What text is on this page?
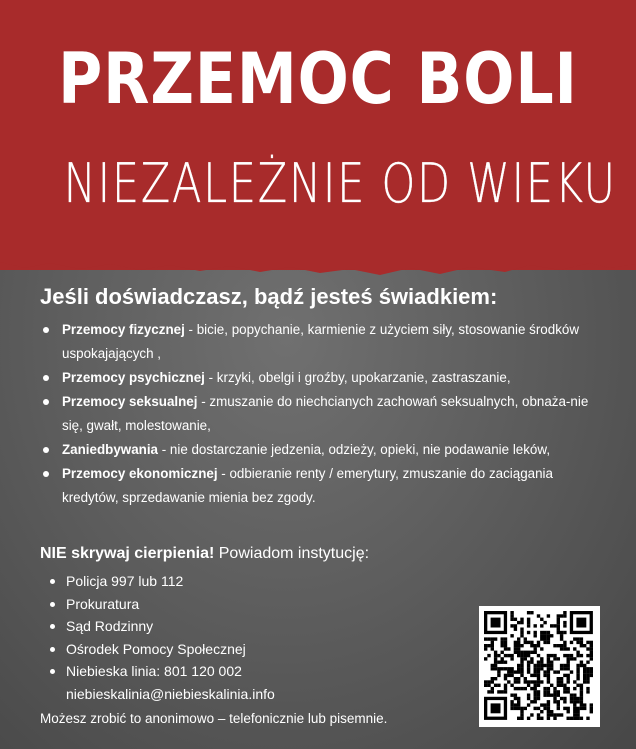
PRZEMOC BOLI
NIEZALEŻNIE OD WIEKU
Jeśli doświadczasz, bądź jesteś świadkiem:
Przemocy fizycznej - bicie, popychanie, karmienie z użyciem siły, stosowanie środków uspokajających ,
Przemocy psychicznej - krzyki, obelgi i groźby, upokarzanie, zastraszanie,
Przemocy seksualnej - zmuszanie do niechcianych zachowań seksualnych, obnaża-nie się, gwałt, molestowanie,
Zaniedbywania - nie dostarczanie jedzenia, odzieży, opieki, nie podawanie leków,
Przemocy ekonomicznej - odbieranie renty / emerytury, zmuszanie do zaciągania kredytów, sprzedawanie mienia bez zgody.
NIE skrywaj cierpienia! Powiadom instytucję:
Policja 997 lub 112
Prokuratura
Sąd Rodzinny
Ośrodek Pomocy Społecznej
Niebieska linia: 801 120 002
niebieskalinia@niebieskalinia.info
Możesz zrobić to anonimowo – telefonicznie lub pisemnie.
